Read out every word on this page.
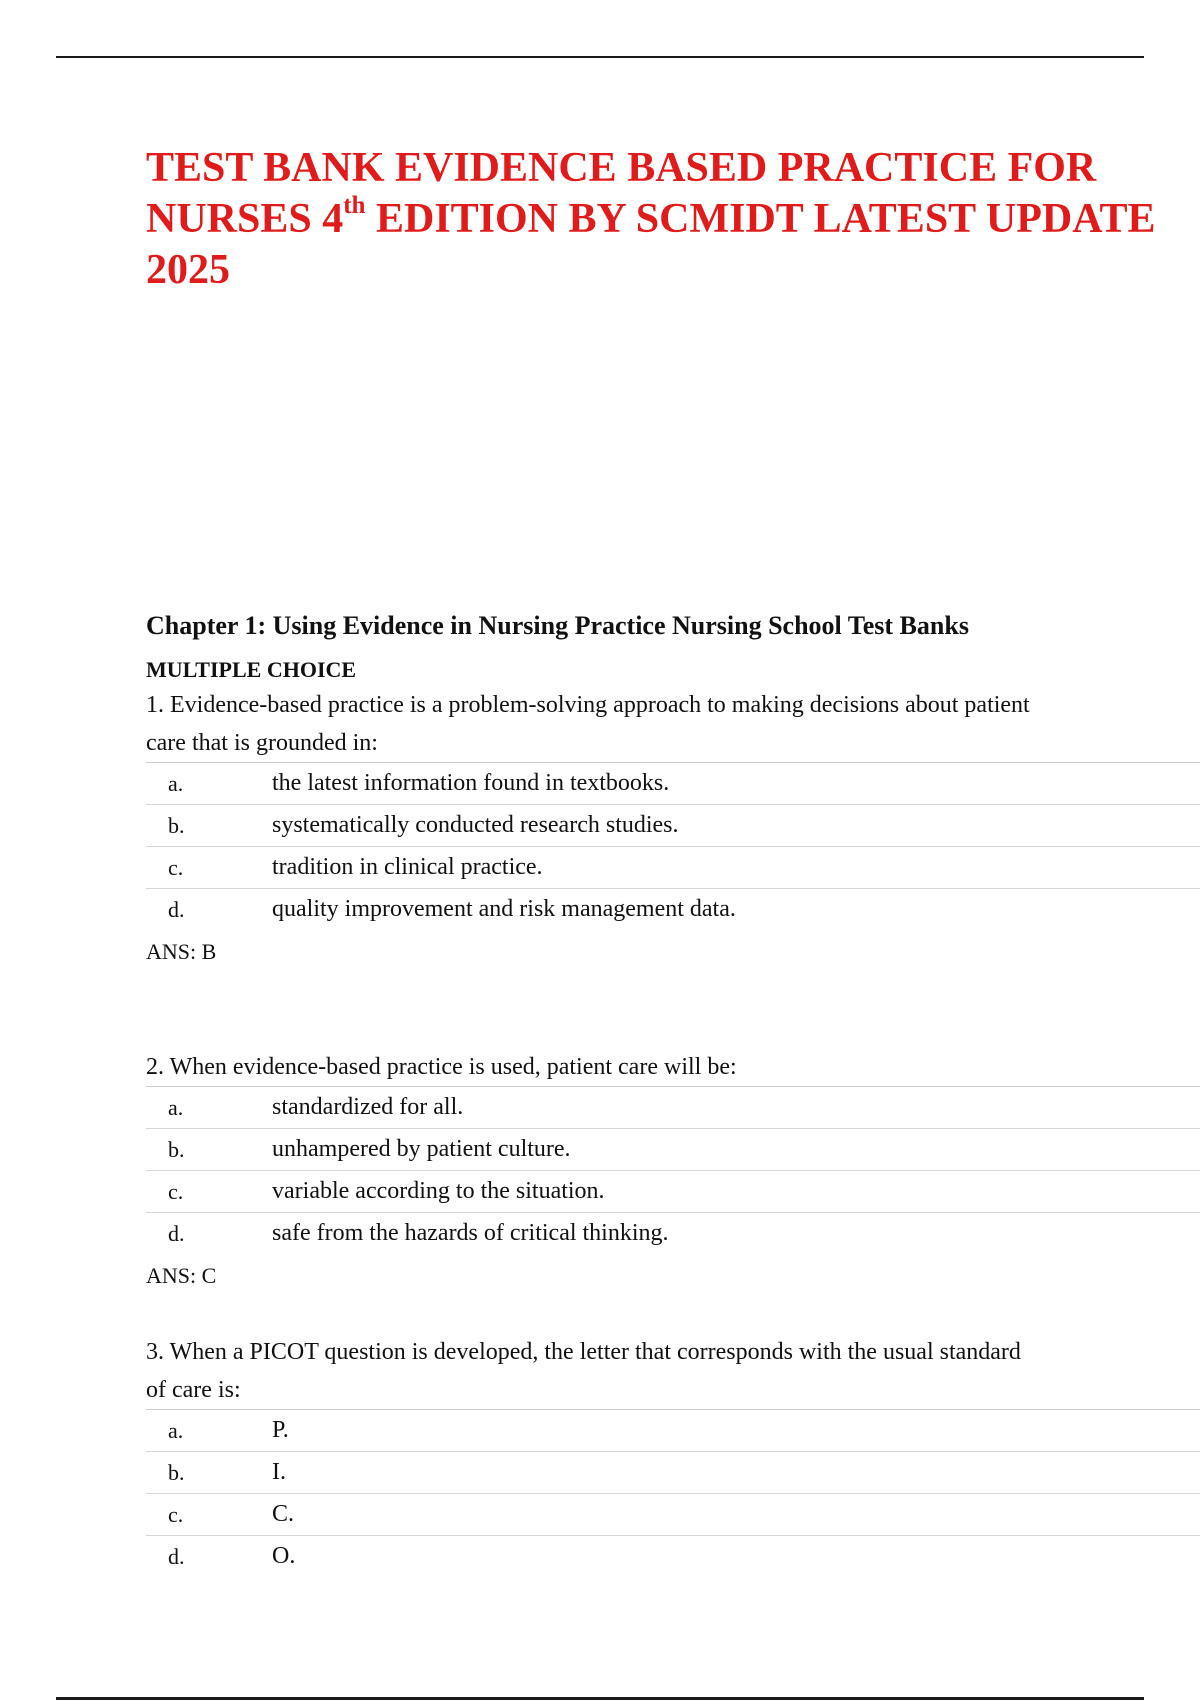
TEST BANK EVIDENCE BASED PRACTICE FOR
NURSES 4th EDITION BY SCMIDT LATEST UPDATE
2025
Chapter 1: Using Evidence in Nursing Practice Nursing School Test Banks
MULTIPLE CHOICE

1. Evidence-based practice is a problem-solving approach to making decisions about patient care that is grounded in:

a.	the latest information found in textbooks.
b.	systematically conducted research studies.
c.	tradition in clinical practice.
d.	quality improvement and risk management data.

ANS: B

2. When evidence-based practice is used, patient care will be:

a.	standardized for all.
b.	unhampered by patient culture.
c.	variable according to the situation.
d.	safe from the hazards of critical thinking.

ANS: C

3. When a PICOT question is developed, the letter that corresponds with the usual standard of care is:

a.	P.
b.	I.
c.	C.
d.	O.
